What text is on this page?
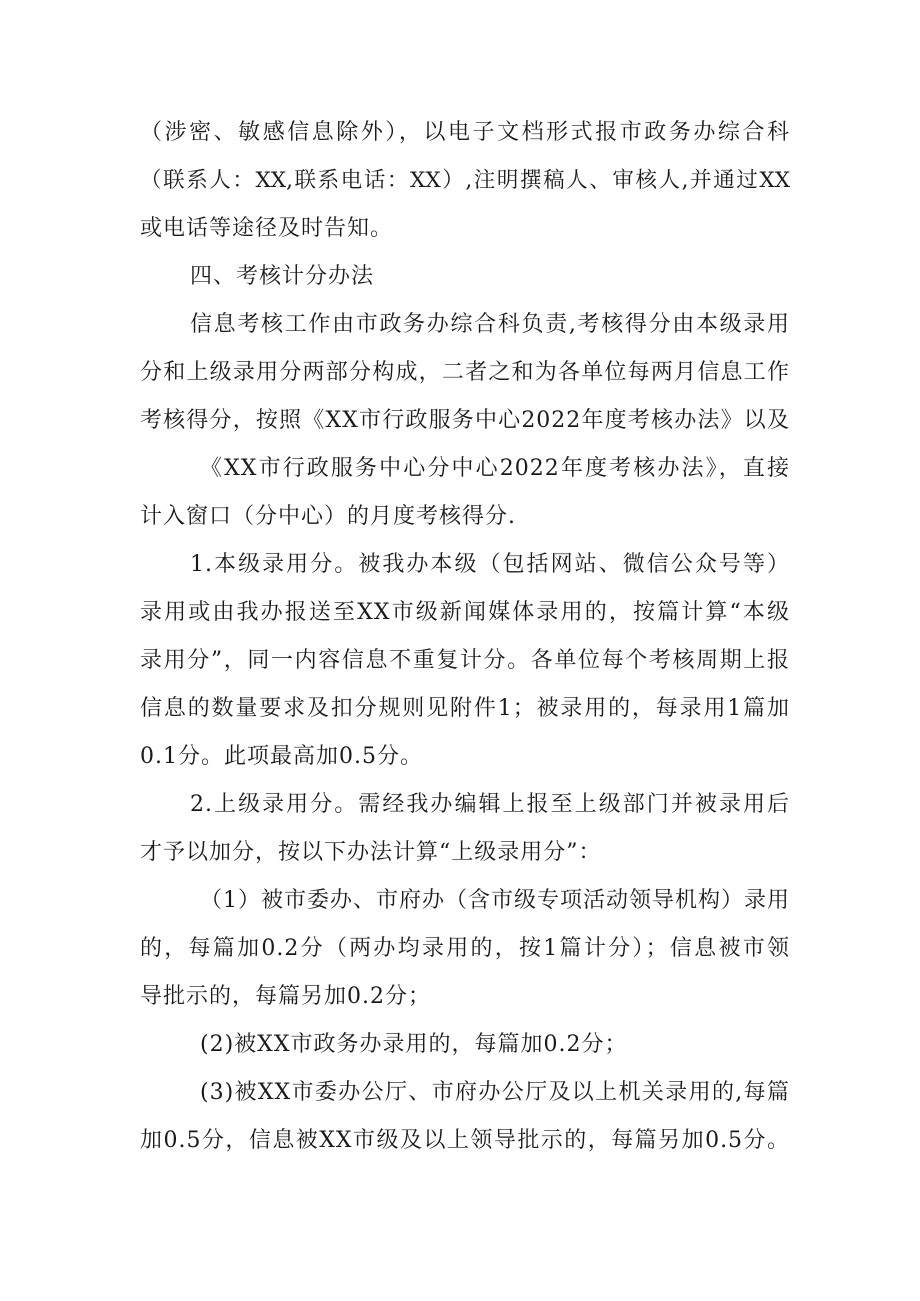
（涉密、敏感信息除外），以电子文档形式报市政务办综合科
（联系人：XX,联系电话：XX）,注明撰稿人、审核人,并通过XX
或电话等途径及时告知。
四、考核计分办法
信息考核工作由市政务办综合科负责,考核得分由本级录用
分和上级录用分两部分构成，二者之和为各单位每两月信息工作
考核得分，按照《XX市行政服务中心2022年度考核办法》以及
《XX市行政服务中心分中心2022年度考核办法》，直接
计入窗口（分中心）的月度考核得分.
1.本级录用分。被我办本级（包括网站、微信公众号等）
录用或由我办报送至XX市级新闻媒体录用的，按篇计算“本级
录用分”，同一内容信息不重复计分。各单位每个考核周期上报
信息的数量要求及扣分规则见附件1；被录用的，每录用1篇加
0.1分。此项最高加0.5分。
2.上级录用分。需经我办编辑上报至上级部门并被录用后
才予以加分，按以下办法计算“上级录用分”：
（1）被市委办、市府办（含市级专项活动领导机构）录用
的，每篇加0.2分（两办均录用的，按1篇计分）；信息被市领
导批示的，每篇另加0.2分；
(2)被XX市政务办录用的，每篇加0.2分；
(3)被XX市委办公厅、市府办公厅及以上机关录用的,每篇
加0.5分，信息被XX市级及以上领导批示的，每篇另加0.5分。
